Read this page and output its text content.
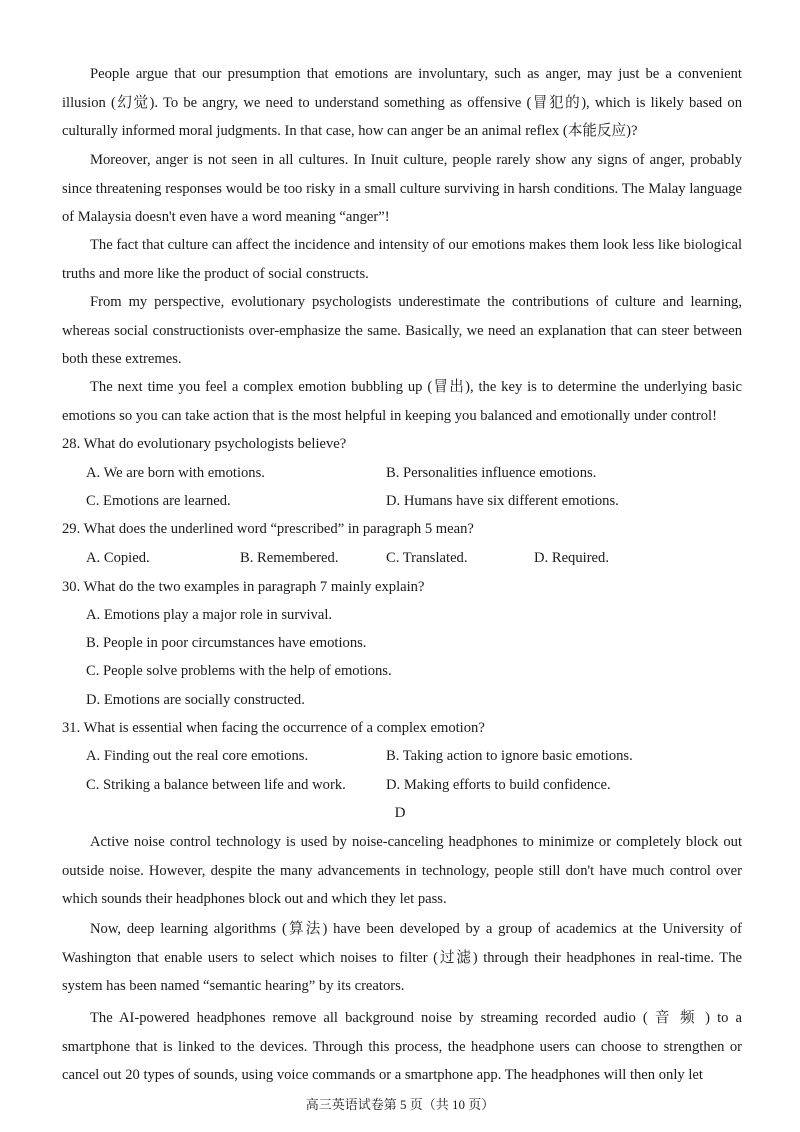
People argue that our presumption that emotions are involuntary, such as anger, may just be a convenient illusion (幻觉). To be angry, we need to understand something as offensive (冒犯的), which is likely based on culturally informed moral judgments. In that case, how can anger be an animal reflex (本能反应)?

Moreover, anger is not seen in all cultures. In Inuit culture, people rarely show any signs of anger, probably since threatening responses would be too risky in a small culture surviving in harsh conditions. The Malay language of Malaysia doesn't even have a word meaning “anger”!

The fact that culture can affect the incidence and intensity of our emotions makes them look less like biological truths and more like the product of social constructs.

From my perspective, evolutionary psychologists underestimate the contributions of culture and learning, whereas social constructionists over-emphasize the same. Basically, we need an explanation that can steer between both these extremes.

The next time you feel a complex emotion bubbling up (冒出), the key is to determine the underlying basic emotions so you can take action that is the most helpful in keeping you balanced and emotionally under control!

28. What do evolutionary psychologists believe?
A. We are born with emotions.	B. Personalities influence emotions.
C. Emotions are learned.	D. Humans have six different emotions.
29. What does the underlined word “prescribed” in paragraph 5 mean?
A. Copied.	B. Remembered.	C. Translated.	D. Required.
30. What do the two examples in paragraph 7 mainly explain?
A. Emotions play a major role in survival.
B. People in poor circumstances have emotions.
C. People solve problems with the help of emotions.
D. Emotions are socially constructed.
31. What is essential when facing the occurrence of a complex emotion?
A. Finding out the real core emotions.	B. Taking action to ignore basic emotions.
C. Striking a balance between life and work.	D. Making efforts to build confidence.
D

Active noise control technology is used by noise-canceling headphones to minimize or completely block out outside noise. However, despite the many advancements in technology, people still don't have much control over which sounds their headphones block out and which they let pass.

Now, deep learning algorithms (算法) have been developed by a group of academics at the University of Washington that enable users to select which noises to filter (过滤) through their headphones in real-time. The system has been named “semantic hearing” by its creators.

The AI-powered headphones remove all background noise by streaming recorded audio ( 音 频 ) to a smartphone that is linked to the devices. Through this process, the headphone users can choose to strengthen or cancel out 20 types of sounds, using voice commands or a smartphone app. The headphones will then only let

高三英语试卷第 5 页（共 10 页）
